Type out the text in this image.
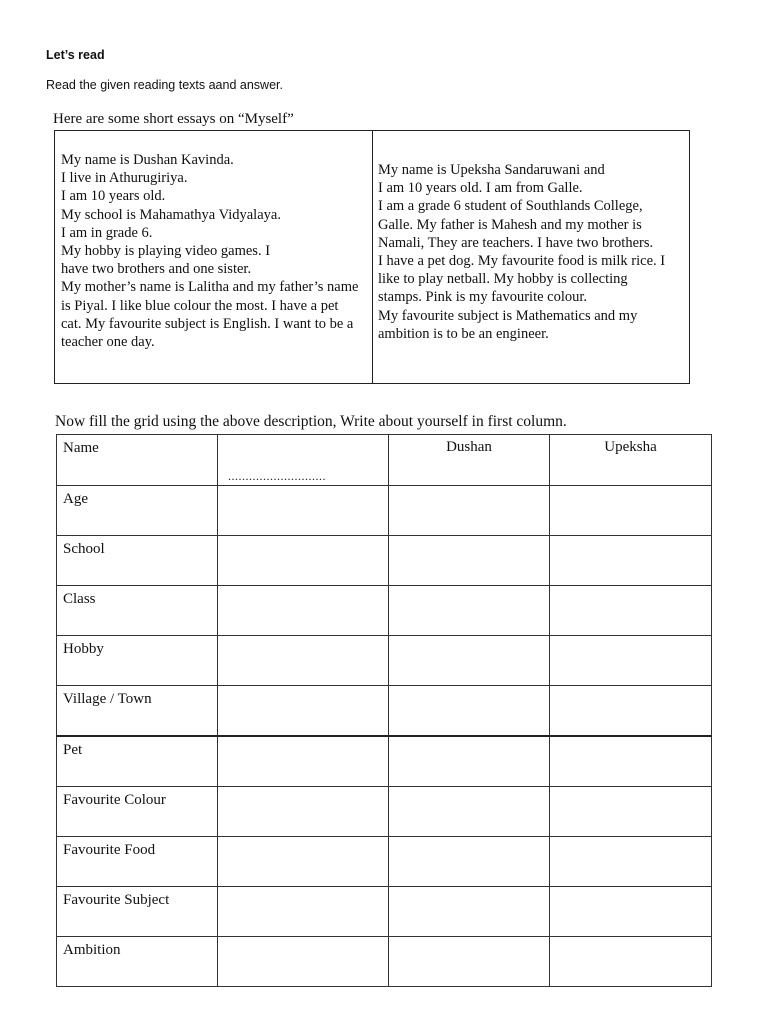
Let’s read
Read the given reading texts aand answer.
Here are some short essays on “Myself”
My name is Dushan Kavinda.
I live in Athurugiriya.
I am 10 years old.
My school is Mahamathya Vidyalaya.
I am in grade 6.
My hobby is playing video games. I
have two brothers and one sister.
My mother’s name is Lalitha and my father’s name
is Piyal. I like blue colour the most. I have a pet
cat. My favourite subject is English. I want to be a
teacher one day.
My name is Upeksha Sandaruwani and
I am 10 years old. I am from Galle.
I am a grade 6 student of Southlands College,
Galle. My father is Mahesh and my mother is
Namali, They are teachers. I have two brothers.
I have a pet dog. My favourite food is milk rice. I
like to play netball. My hobby is collecting
stamps. Pink is my favourite colour.
My favourite subject is Mathematics and my
ambition is to be an engineer.
Now fill the grid using the above description, Write about yourself in first column.
Name	............................	Dushan	Upeksha
Age			
School			
Class			
Hobby			
Village / Town			
Pet			
Favourite Colour			
Favourite Food			
Favourite Subject			
Ambition			
